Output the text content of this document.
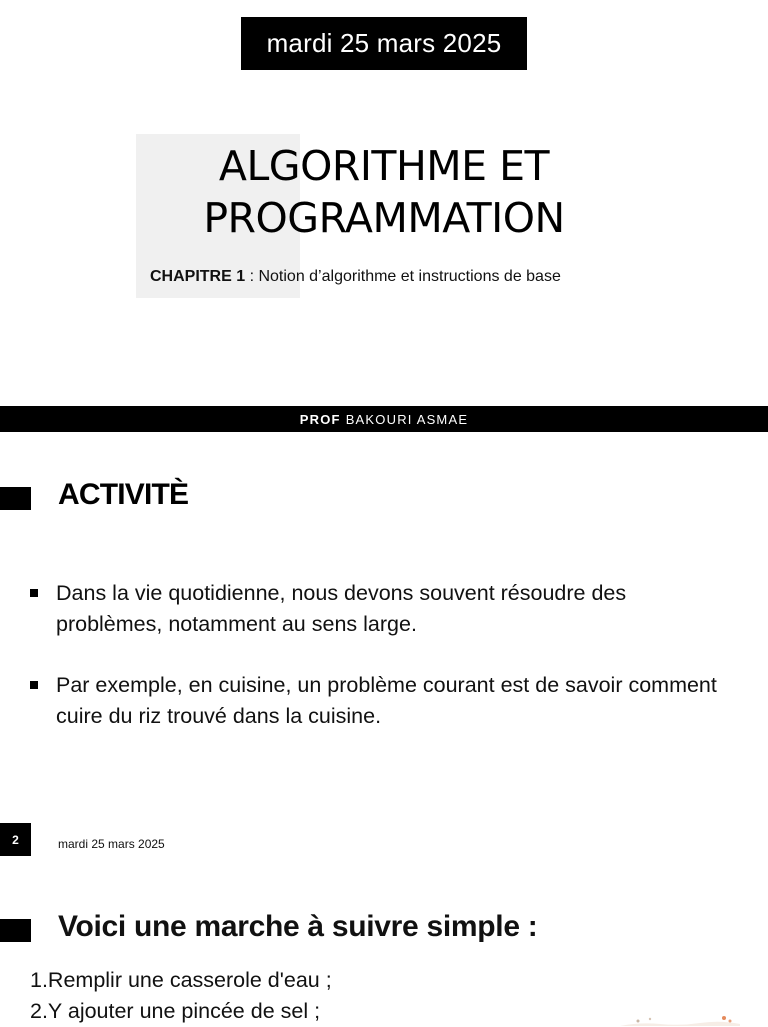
mardi 25 mars 2025
ALGORITHME ET
PROGRAMMATION
CHAPITRE 1 : Notion d’algorithme et instructions de base
PROF BAKOURI ASMAE
ACTIVITÈ
Dans la vie quotidienne, nous devons souvent résoudre des problèmes, notamment au sens large.
Par exemple, en cuisine, un problème courant est de savoir comment cuire du riz trouvé dans la cuisine.
2	mardi 25 mars 2025
Voici une marche à suivre simple :
1.Remplir une casserole d'eau ;
2.Y ajouter une pincée de sel ;
